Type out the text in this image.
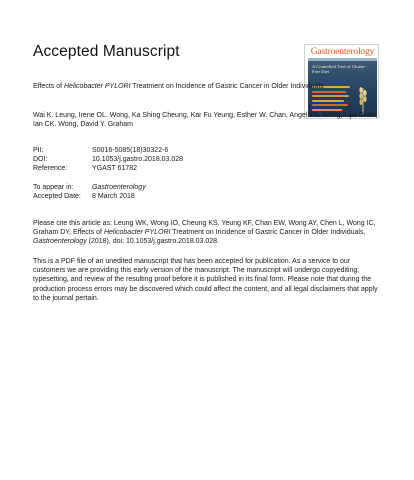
Accepted Manuscript	Gastroenterology
A Controlled Trial of Gluten-Free Diet
Effects of Helicobacter PYLORI Treatment on Incidence of Gastric Cancer in Older Individuals
Wai K. Leung, Irene OL. Wong, Ka Shing Cheung, Kar Fu Yeung, Esther W. Chan, Angel YS. Wong, Lijia Chen, Ian CK. Wong, David Y. Graham
PII:	S0016-5085(18)30322-6
DOI:	10.1053/j.gastro.2018.03.028
Reference:	YGAST 61782
To appear in:	Gastroenterology
Accepted Date:	8 March 2018
Please cite this article as: Leung WK, Wong IO, Cheung KS, Yeung KF, Chan EW, Wong AY, Chen L, Wong IC, Graham DY, Effects of Helicobacter PYLORI Treatment on Incidence of Gastric Cancer in Older Individuals, Gastroenterology (2018), doi: 10.1053/j.gastro.2018.03.028.
This is a PDF file of an unedited manuscript that has been accepted for publication. As a service to our customers we are providing this early version of the manuscript. The manuscript will undergo copyediting, typesetting, and review of the resulting proof before it is published in its final form. Please note that during the production process errors may be discovered which could affect the content, and all legal disclaimers that apply to the journal pertain.
